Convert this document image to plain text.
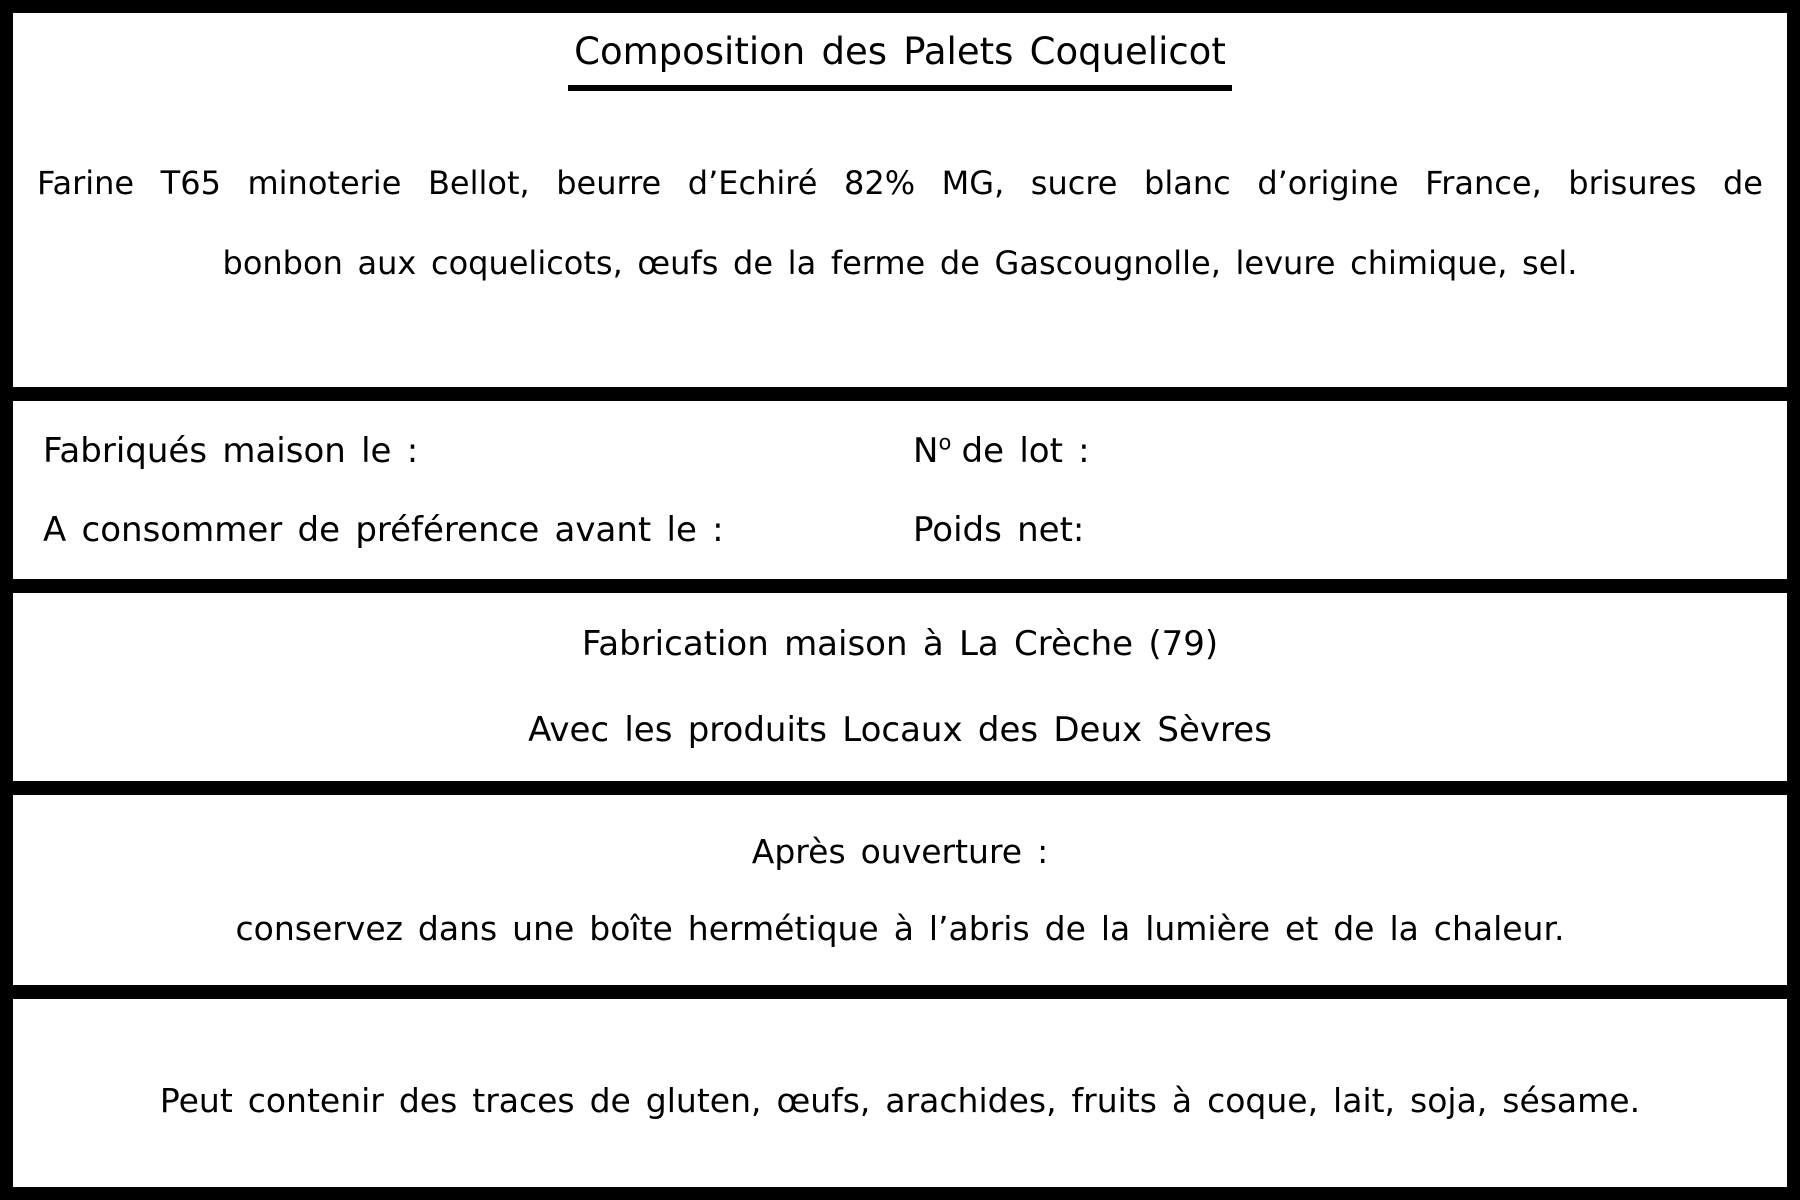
Composition des Palets Coquelicot
Farine T65 minoterie Bellot, beurre d’Echiré 82% MG, sucre blanc d’origine France, brisures de
bonbon aux coquelicots, œufs de la ferme de Gascougnolle, levure chimique, sel.
Fabriqués maison le :	$N^o$ de lot :
A consommer de préférence avant le :	Poids net:
Fabrication maison à La Crèche (79)
Avec les produits Locaux des Deux Sèvres
Après ouverture :
conservez dans une boîte hermétique à l’abris de la lumière et de la chaleur.
Peut contenir des traces de gluten, œufs, arachides, fruits à coque, lait, soja, sésame.
